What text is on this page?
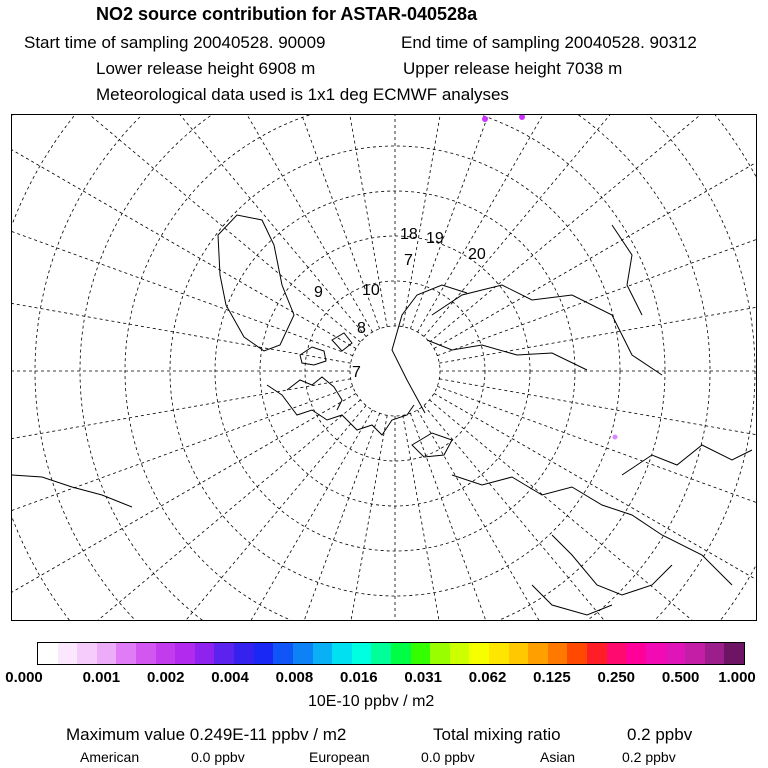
NO2 source contribution for ASTAR-040528a
Start time of sampling 20040528. 90009	End time of sampling 20040528. 90312
Lower release height 6908 m	Upper release height 7038 m
Meteorological data used is 1x1 deg ECMWF analyses
18 19
20
7
9
8
7
10
0.000	0.001 0.002 0.004 0.008 0.016 0.031 0.062 0.125 0.250 0.500 1.000
10E-10 ppbv / m2
Maximum value 0.249E-11 ppbv / m2	Total mixing ratio	0.2 ppbv
American	0.0 ppbv	European	0.0 ppbv	Asian	0.2 ppbv
